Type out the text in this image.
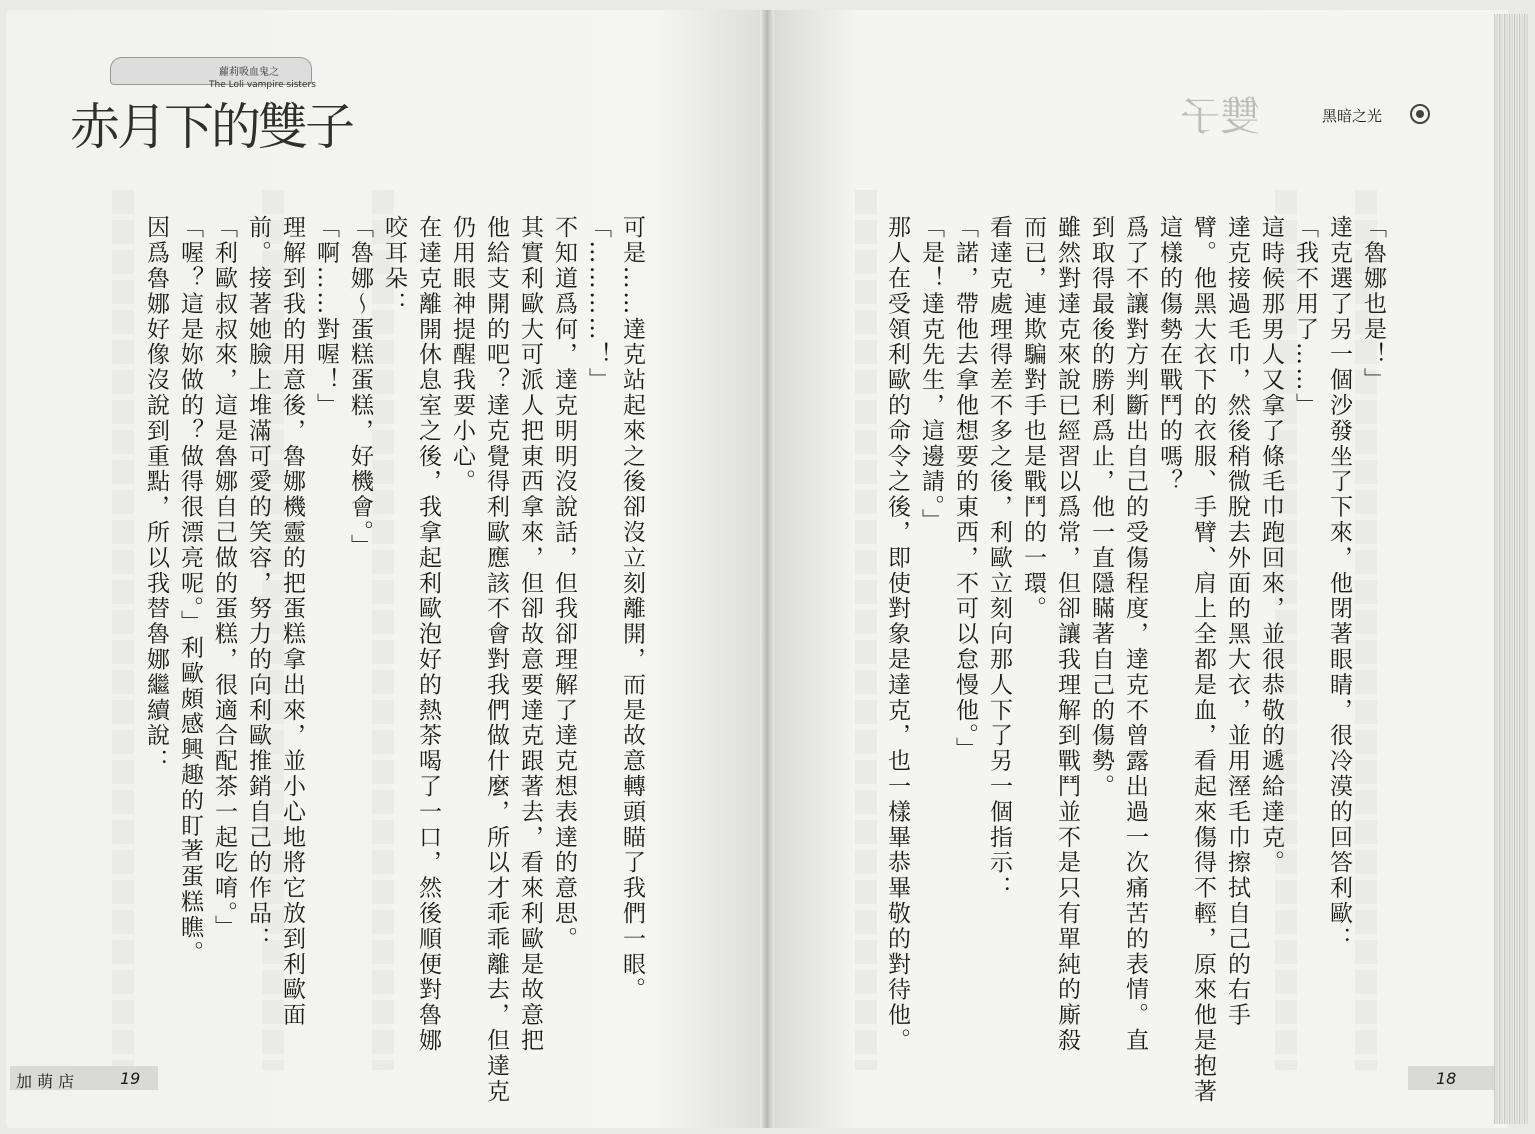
蘿莉吸血鬼之
The Loli vampire sisters
赤月下的雙子	雙子	黑暗之光
「魯娜也是！」
達克選了另一個沙發坐了下來，他閉著眼睛，很冷漠的回答利歐：
「我不用了……」
這時候那男人又拿了條毛巾跑回來，並很恭敬的遞給達克。
達克接過毛巾，然後稍微脫去外面的黑大衣，並用溼毛巾擦拭自己的右手
臂。他黑大衣下的衣服、手臂、肩上全都是血，看起來傷得不輕，原來他是抱著
這樣的傷勢在戰鬥的嗎？
爲了不讓對方判斷出自己的受傷程度，達克不曾露出過一次痛苦的表情。直
到取得最後的勝利爲止，他一直隱瞞著自己的傷勢。
雖然對達克來說已經習以爲常，但卻讓我理解到戰鬥並不是只有單純的廝殺
而已，連欺騙對手也是戰鬥的一環。
看達克處理得差不多之後，利歐立刻向那人下了另一個指示：
「諾，帶他去拿他想要的東西，不可以怠慢他。」
「是！達克先生，這邊請。」
那人在受領利歐的命令之後，即使對象是達克，也一樣畢恭畢敬的對待他。
可是……達克站起來之後卻沒立刻離開，而是故意轉頭瞄了我們一眼。
「…………！」
不知道爲何，達克明明沒說話，但我卻理解了達克想表達的意思。
其實利歐大可派人把東西拿來，但卻故意要達克跟著去，看來利歐是故意把
他給支開的吧？達克覺得利歐應該不會對我們做什麼，所以才乖乖離去，但達克
仍用眼神提醒我要小心。
在達克離開休息室之後，我拿起利歐泡好的熱茶喝了一口，然後順便對魯娜
咬耳朵：
「魯娜～蛋糕蛋糕，好機會。」
「啊……對喔！」
理解到我的用意後，魯娜機靈的把蛋糕拿出來，並小心地將它放到利歐面
前。接著她臉上堆滿可愛的笑容，努力的向利歐推銷自己的作品：
「利歐叔叔來，這是魯娜自己做的蛋糕，很適合配茶一起吃唷。」
「喔？這是妳做的？做得很漂亮呢。」利歐頗感興趣的盯著蛋糕瞧。
因爲魯娜好像沒說到重點，所以我替魯娜繼續說：
加 萌 店	19	18
